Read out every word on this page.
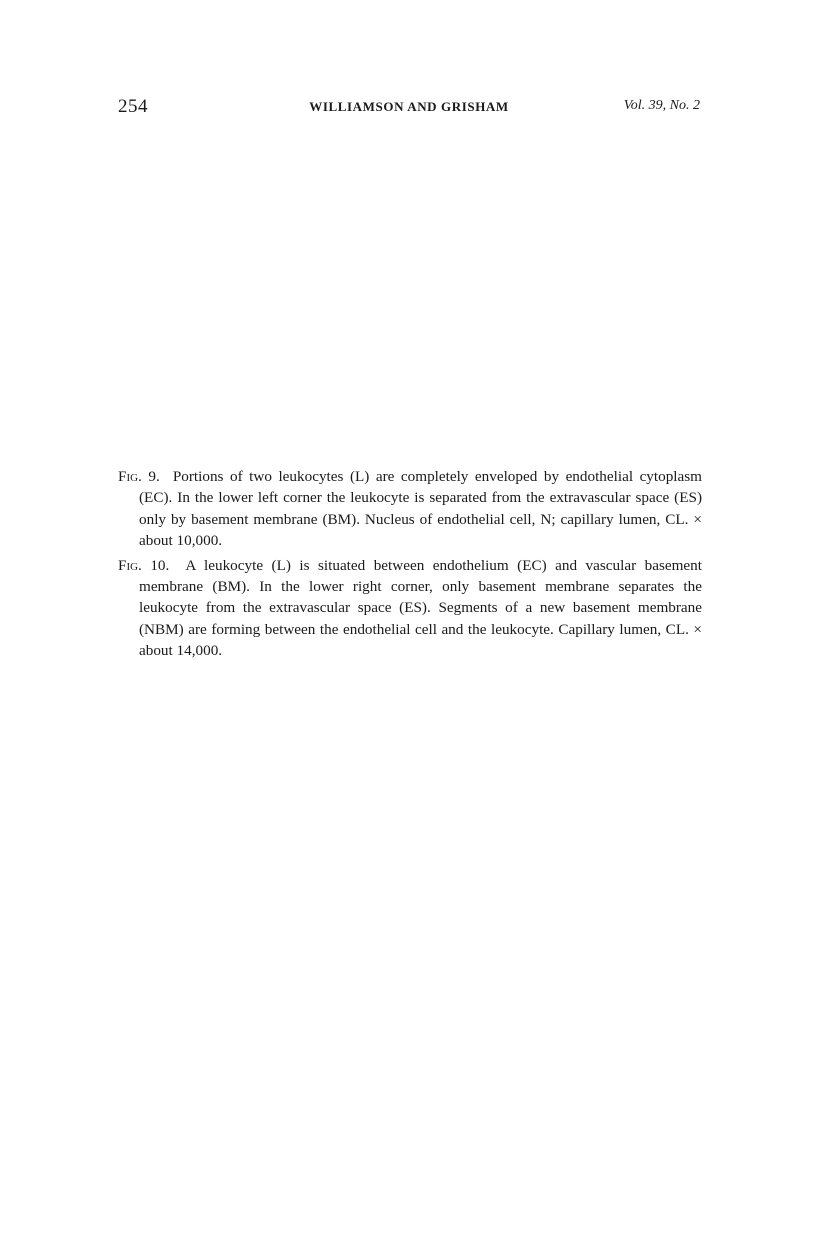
254	WILLIAMSON AND GRISHAM	Vol. 39, No. 2

Fig. 9. Portions of two leukocytes (L) are completely enveloped by endothelial cytoplasm (EC). In the lower left corner the leukocyte is separated from the extravascular space (ES) only by basement membrane (BM). Nucleus of endothelial cell, N; capillary lumen, CL. × about 10,000.

Fig. 10. A leukocyte (L) is situated between endothelium (EC) and vascular basement membrane (BM). In the lower right corner, only basement membrane separates the leukocyte from the extravascular space (ES). Segments of a new basement membrane (NBM) are forming between the endothelial cell and the leukocyte. Capillary lumen, CL. × about 14,000.
